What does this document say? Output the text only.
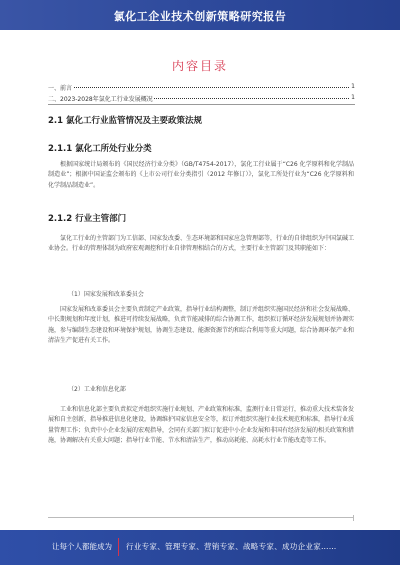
氯化工企业技术创新策略研究报告
内容目录
一、前言	1
二、2023-2028年氯化工行业发展概况	1
2.1 氯化工行业监管情况及主要政策法规
2.1.1 氯化工所处行业分类

根据国家统计局颁布的《国民经济行业分类》（GB/T4754-2017），氯化工行业属于“C26 化学原料和化学制品制造业”；根据中国证监会颁布的《上市公司行业分类指引（2012 年修订）》，氯化工所处行业为“C26 化学原料和化学制品制造业”。

2.1.2 行业主管部门

氯化工行业的主管部门为工信部、国家发改委、生态环境部和国家应急管理部等，行业的自律组织为中国氯碱工业协会。行业的管理体制为政府宏观调控和行业自律管理相结合的方式，主要行业主管部门及其职能如下：

（1）国家发展和改革委员会

国家发展和改革委员会主要负责制定产业政策，指导行业结构调整，制订并组织实施国民经济和社会发展战略、中长期规划和年度计划，推进可持续发展战略，负责节能减排的综合协调工作，组织拟订循环经济发展规划并协调实施，参与编制生态建设和环境保护规划，协调生态建设、能源资源节约和综合利用等重大问题，综合协调环保产业和清洁生产促进有关工作。

（2）工业和信息化部

工业和信息化部主要负责拟定并组织实施行业规划、产业政策和标准，监测行业日常运行，推动重大技术装备发展和自主创新，指导推进信息化建设，协调维护国家信息安全等，拟订并组织实施行业技术规范和标准，指导行业质量管理工作；负责中小企业发展的宏观指导，会同有关部门拟订促进中小企业发展和非国有经济发展的相关政策和措施，协调解决有关重大问题；指导行业节能、节水和清洁生产，推动高耗能、高耗水行业节能改造等工作。

让每个人都能成为 行业专家、管理专家、营销专家、战略专家、成功企业家……
